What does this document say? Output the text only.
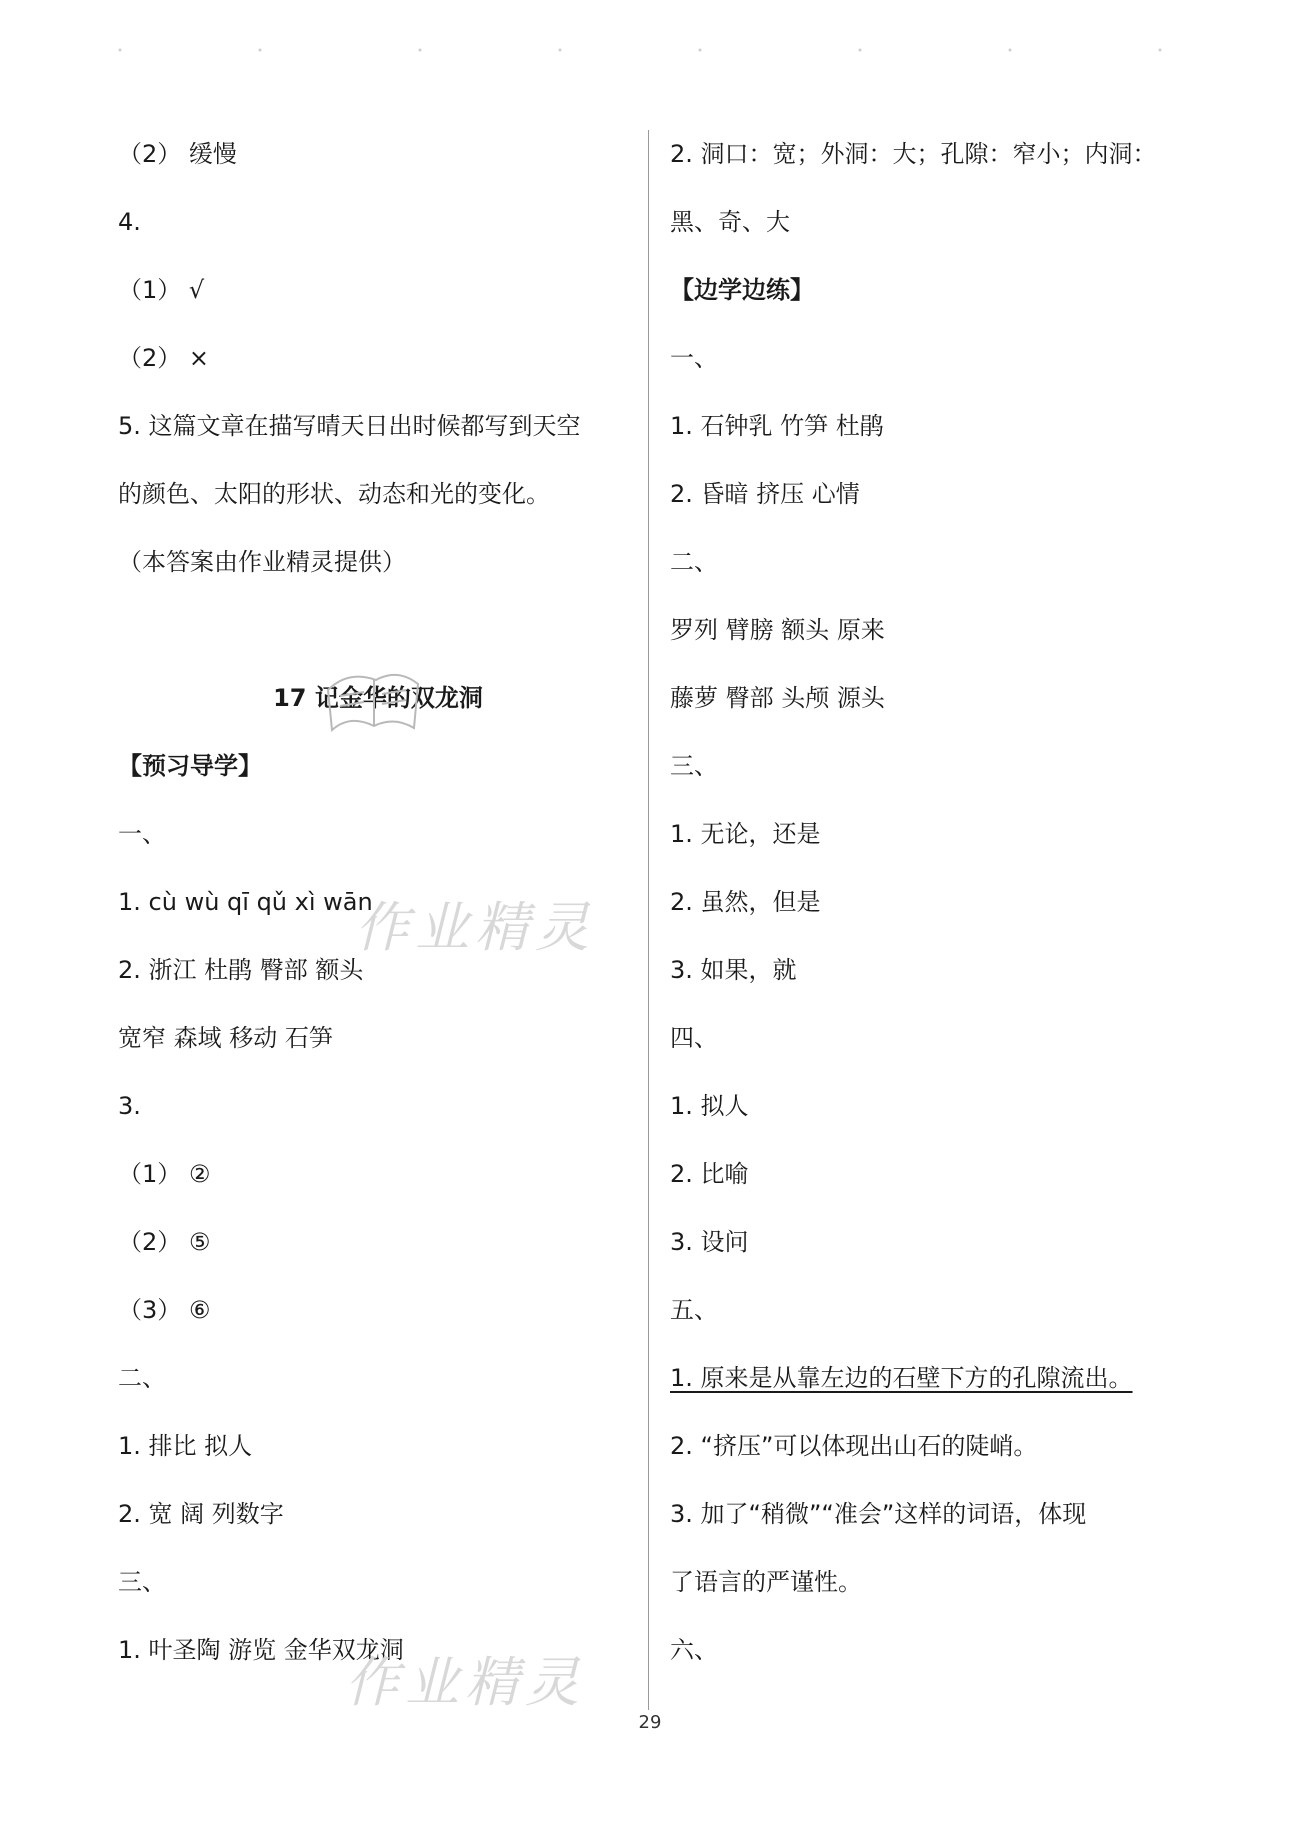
（2） 缓慢
4.
（1） √
（2） ×
5. 这篇文章在描写晴天日出时候都写到天空
的颜色、太阳的形状、动态和光的变化。
（本答案由作业精灵提供）
17 记金华的双龙洞
【预习导学】
一、
1. cù wù qī qǔ xì wān
2. 浙江 杜鹃 臀部 额头
宽窄 森域 移动 石笋
3.
（1） ②
（2） ⑤
（3） ⑥
二、
1. 排比 拟人
2. 宽 阔 列数字
三、
1. 叶圣陶 游览 金华双龙洞
2. 洞口：宽；外洞：大；孔隙：窄小；内洞：
黑、奇、大
【边学边练】
一、
1. 石钟乳 竹笋 杜鹃
2. 昏暗 挤压 心情
二、
罗列 臂膀 额头 原来
藤萝 臀部 头颅 源头
三、
1. 无论，还是
2. 虽然，但是
3. 如果，就
四、
1. 拟人
2. 比喻
3. 设问
五、
1. 原来是从靠左边的石壁下方的孔隙流出。
2. “挤压”可以体现出山石的陡峭。
3. 加了“稍微”“准会”这样的词语，体现
了语言的严谨性。
六、
作业精灵
作业精灵
29
